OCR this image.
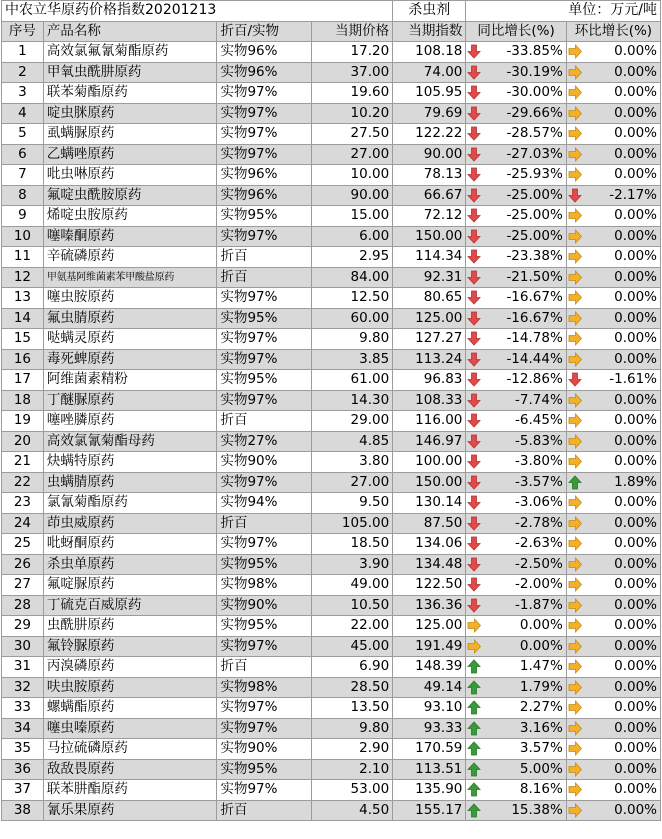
中农立华原药价格指数20201213				杀虫剂	单位：万元/吨	
序号	产品名称	折百/实物	当期价格	当期指数	同比增长(%)	环比增长(%)
1	高效氯氟氰菊酯原药	实物96%	17.20	108.18	-33.85%	0.00%

2	甲氧虫酰肼原药	实物96%	37.00	74.00	-30.19%	0.00%

3	联苯菊酯原药	实物97%	19.60	105.95	-30.00%	0.00%

4	啶虫脒原药	实物97%	10.20	79.69	-29.66%	0.00%

5	虱螨脲原药	实物97%	27.50	122.22	-28.57%	0.00%

6	乙螨唑原药	实物97%	27.00	90.00	-27.03%	0.00%

7	吡虫啉原药	实物96%	10.00	78.13	-25.93%	0.00%

8	氟啶虫酰胺原药	实物96%	90.00	66.67	-25.00%	-2.17%

9	烯啶虫胺原药	实物95%	15.00	72.12	-25.00%	0.00%

10	噻嗪酮原药	实物97%	6.00	150.00	-25.00%	0.00%

11	辛硫磷原药	折百	2.95	114.34	-23.38%	0.00%

12	甲氨基阿维菌素苯甲酸盐原药	折百	84.00	92.31	-21.50%	0.00%

13	噻虫胺原药	实物97%	12.50	80.65	-16.67%	0.00%

14	氟虫腈原药	实物95%	60.00	125.00	-16.67%	0.00%

15	哒螨灵原药	实物97%	9.80	127.27	-14.78%	0.00%

16	毒死蜱原药	实物97%	3.85	113.24	-14.44%	0.00%

17	阿维菌素精粉	实物95%	61.00	96.83	-12.86%	-1.61%

18	丁醚脲原药	实物97%	14.30	108.33	-7.74%	0.00%

19	噻唑膦原药	折百	29.00	116.00	-6.45%	0.00%

20	高效氯氰菊酯母药	实物27%	4.85	146.97	-5.83%	0.00%

21	炔螨特原药	实物90%	3.80	100.00	-3.80%	0.00%

22	虫螨腈原药	实物97%	27.00	150.00	-3.57%	1.89%

23	氯氰菊酯原药	实物94%	9.50	130.14	-3.06%	0.00%

24	茚虫威原药	折百	105.00	87.50	-2.78%	0.00%

25	吡蚜酮原药	实物97%	18.50	134.06	-2.63%	0.00%

26	杀虫单原药	实物95%	3.90	134.48	-2.50%	0.00%

27	氟啶脲原药	实物98%	49.00	122.50	-2.00%	0.00%

28	丁硫克百威原药	实物90%	10.50	136.36	-1.87%	0.00%

29	虫酰肼原药	实物95%	22.00	125.00	0.00%	0.00%

30	氟铃脲原药	实物97%	45.00	191.49	0.00%	0.00%

31	丙溴磷原药	折百	6.90	148.39	1.47%	0.00%

32	呋虫胺原药	实物98%	28.50	49.14	1.79%	0.00%

33	螺螨酯原药	实物97%	13.50	93.10	2.27%	0.00%

34	噻虫嗪原药	实物97%	9.80	93.33	3.16%	0.00%

35	马拉硫磷原药	实物90%	2.90	170.59	3.57%	0.00%

36	敌敌畏原药	实物95%	2.10	113.51	5.00%	0.00%

37	联苯肼酯原药	实物97%	53.00	135.90	8.16%	0.00%

38	氰乐果原药	折百	4.50	155.17	15.38%	0.00%
